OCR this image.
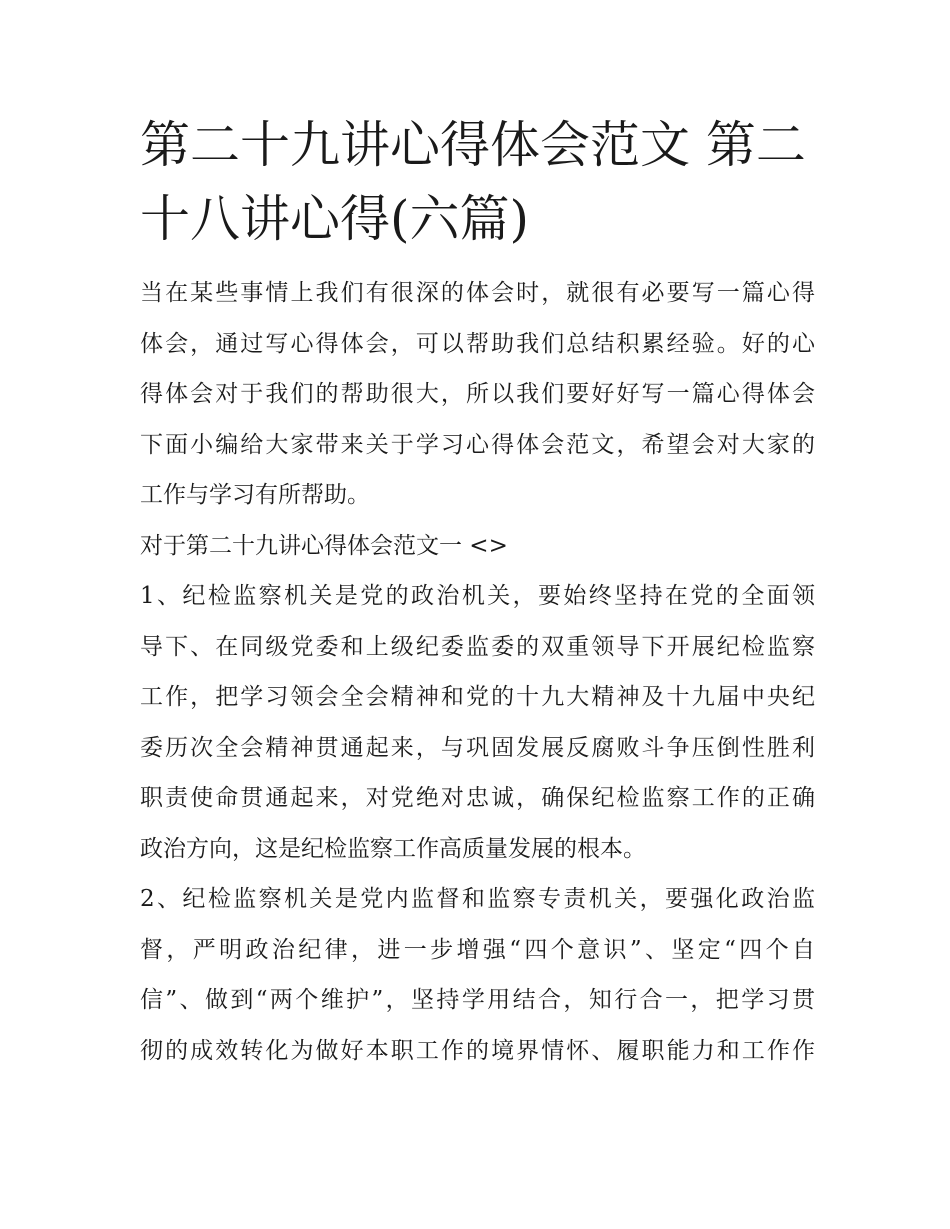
第二十九讲心得体会范文 第二
十八讲心得(六篇)
当在某些事情上我们有很深的体会时，就很有必要写一篇心得
体会，通过写心得体会，可以帮助我们总结积累经验。好的心
得体会对于我们的帮助很大，所以我们要好好写一篇心得体会
下面小编给大家带来关于学习心得体会范文，希望会对大家的
工作与学习有所帮助。
对于第二十九讲心得体会范文一 <>
1、纪检监察机关是党的政治机关，要始终坚持在党的全面领
导下、在同级党委和上级纪委监委的双重领导下开展纪检监察
工作，把学习领会全会精神和党的十九大精神及十九届中央纪
委历次全会精神贯通起来，与巩固发展反腐败斗争压倒性胜利
职责使命贯通起来，对党绝对忠诚，确保纪检监察工作的正确
政治方向，这是纪检监察工作高质量发展的根本。
2、纪检监察机关是党内监督和监察专责机关，要强化政治监
督，严明政治纪律，进一步增强“四个意识”、坚定“四个自
信”、做到“两个维护”，坚持学用结合，知行合一，把学习贯
彻的成效转化为做好本职工作的境界情怀、履职能力和工作作
